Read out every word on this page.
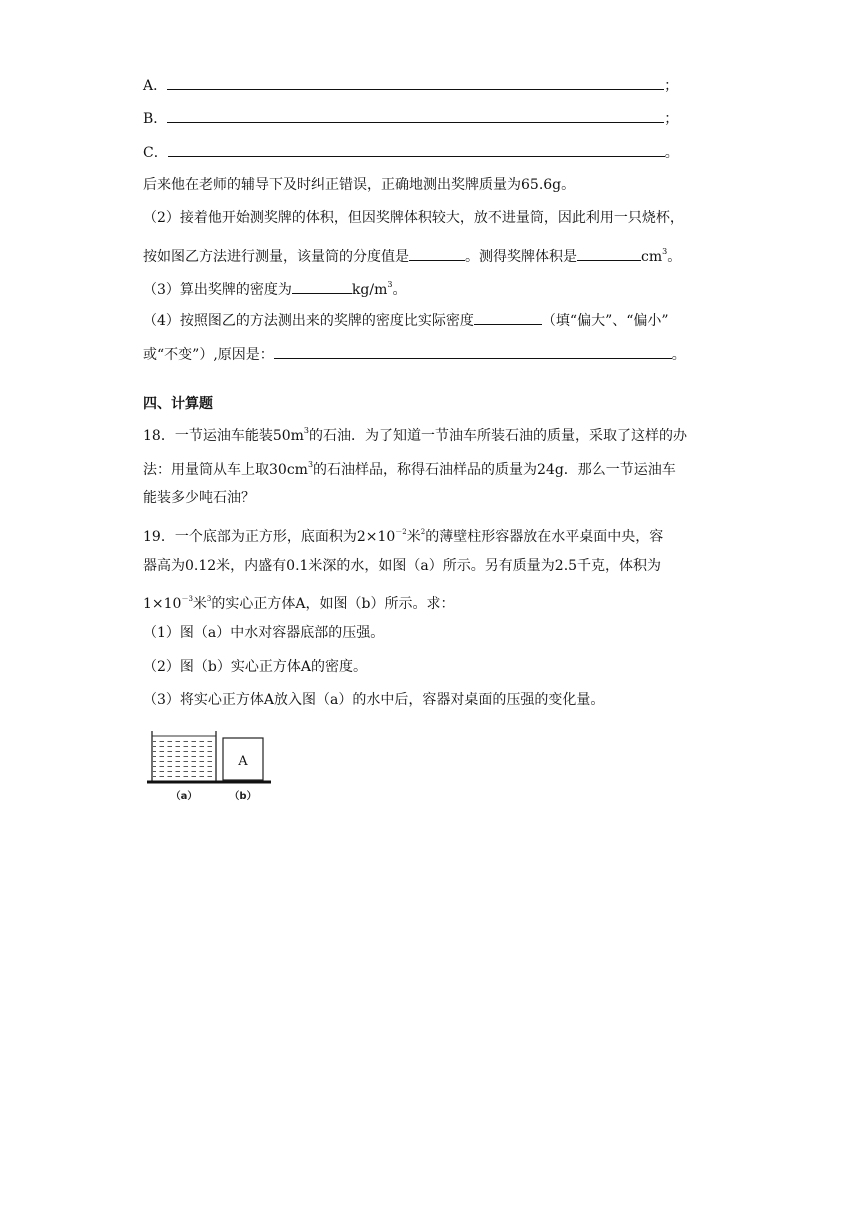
A．	；
B．	；
C．	。
后来他在老师的辅导下及时纠正错误，正确地测出奖牌质量为65.6g。
（2）接着他开始测奖牌的体积，但因奖牌体积较大，放不进量筒，因此利用一只烧杯，
按如图乙方法进行测量，该量筒的分度值是	。测得奖牌体积是	$cm^3$。
（3）算出奖牌的密度为	$kg/m^3$。
（4）按照图乙的方法测出来的奖牌的密度比实际密度	（填“偏大”、“偏小”
或“不变”）,原因是：	。
四、计算题
18．一节运油车能装$50m^3$的石油．为了知道一节油车所装石油的质量，采取了这样的办
法：用量筒从车上取$30cm^3$的石油样品，称得石油样品的质量为24g．那么一节运油车
能装多少吨石油？
19．一个底部为正方形，底面积为$2\times 10^{-2}$米$^2$的薄壁柱形容器放在水平桌面中央，容
器高为0.12米，内盛有0.1米深的水，如图（a）所示。另有质量为2.5千克，体积为
$1\times 10^{-3}$米$^3$的实心正方体A，如图（b）所示。求：
（1）图（a）中水对容器底部的压强。
（2）图（b）实心正方体A的密度。
（3）将实心正方体A放入图（a）的水中后，容器对桌面的压强的变化量。
A
（a）	（b）
